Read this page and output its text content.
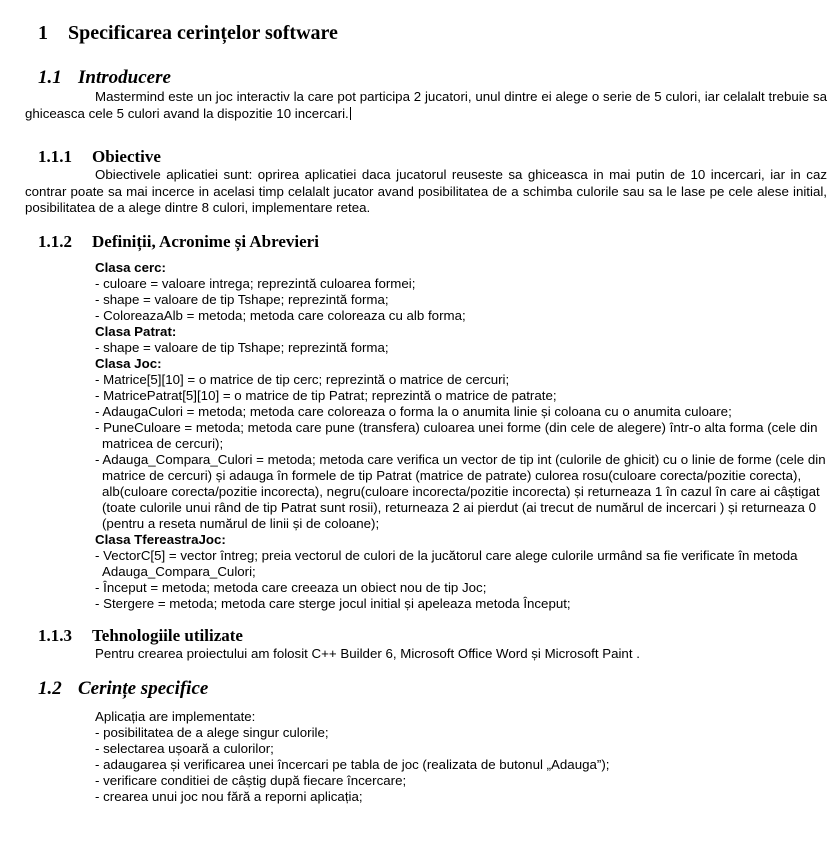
1 Specificarea cerințelor software
1.1 Introducere

Mastermind este un joc interactiv la care pot participa 2 jucatori, unul dintre ei alege o serie de 5 culori, iar celalalt trebuie sa ghiceasca cele 5 culori avand la dispozitie 10 incercari.

1.1.1 Obiective

Obiectivele aplicatiei sunt: oprirea aplicatiei daca jucatorul reuseste sa ghiceasca in mai putin de 10 incercari, iar in caz contrar poate sa mai incerce in acelasi timp celalalt jucator avand posibilitatea de a schimba culorile sau sa le lase pe cele alese initial, posibilitatea de a alege dintre 8 culori, implementare retea.

1.1.2 Definiții, Acronime și Abrevieri
Clasa cerc:
- culoare = valoare intrega; reprezintă culoarea formei;
- shape = valoare de tip Tshape; reprezintă forma;
- ColoreazaAlb = metoda; metoda care coloreaza cu alb forma;
Clasa Patrat:
- shape = valoare de tip Tshape; reprezintă forma;
Clasa Joc:
- Matrice[5][10] = o matrice de tip cerc; reprezintă o matrice de cercuri;
- MatricePatrat[5][10] = o matrice de tip Patrat; reprezintă o matrice de patrate;
- AdaugaCulori = metoda; metoda care coloreaza o forma la o anumita linie și coloana cu o anumita culoare;
- PuneCuloare = metoda; metoda care pune (transfera) culoarea unei forme (din cele de alegere) într-o alta forma (cele din matricea de cercuri);
- Adauga_Compara_Culori = metoda; metoda care verifica un vector de tip int (culorile de ghicit) cu o linie de forme (cele din matrice de cercuri) și adauga în formele de tip Patrat (matrice de patrate) culorea rosu(culoare corecta/pozitie corecta), alb(culoare corecta/pozitie incorecta), negru(culoare incorecta/pozitie incorecta) și returneaza 1 în cazul în care ai câștigat (toate culorile unui rând de tip Patrat sunt rosii), returneaza 2 ai pierdut (ai trecut de numărul de incercari ) și returneaza 0 (pentru a reseta numărul de linii și de coloane);
Clasa TfereastraJoc:
- VectorC[5] = vector întreg; preia vectorul de culori de la jucătorul care alege culorile urmând sa fie verificate în metoda Adauga_Compara_Culori;
- Început = metoda; metoda care creeaza un obiect nou de tip Joc;
- Stergere = metoda; metoda care sterge jocul initial și apeleaza metoda Început;
1.1.3 Tehnologiile utilizate

Pentru crearea proiectului am folosit C++ Builder 6, Microsoft Office Word și Microsoft Paint .

1.2 Cerințe specifice
Aplicația are implementate:
- posibilitatea de a alege singur culorile;
- selectarea ușoară a culorilor;
- adaugarea și verificarea unei încercari pe tabla de joc (realizata de butonul „Adauga”);
- verificare conditiei de câștig după fiecare încercare;
- crearea unui joc nou fără a reporni aplicația;
